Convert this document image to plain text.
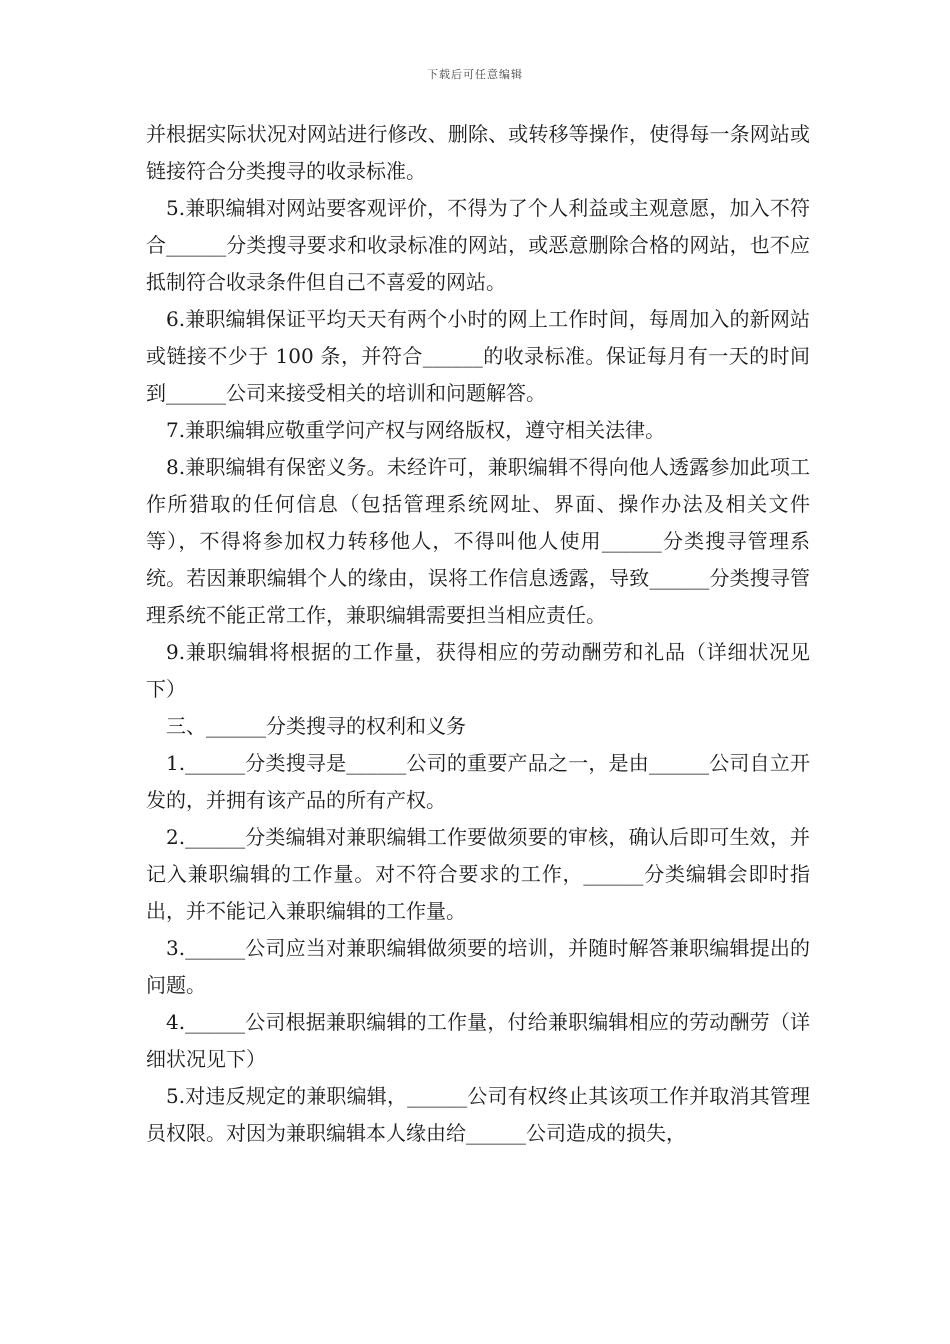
下载后可任意编辑

并根据实际状况对网站进行修改、删除、或转移等操作，使得每一条网站或链接符合分类搜寻的收录标准。

5.兼职编辑对网站要客观评价，不得为了个人利益或主观意愿，加入不符合______分类搜寻要求和收录标准的网站，或恶意删除合格的网站，也不应抵制符合收录条件但自己不喜爱的网站。

6.兼职编辑保证平均天天有两个小时的网上工作时间，每周加入的新网站或链接不少于 100 条，并符合______的收录标准。保证每月有一天的时间到______公司来接受相关的培训和问题解答。

7.兼职编辑应敬重学问产权与网络版权，遵守相关法律。

8.兼职编辑有保密义务。未经许可，兼职编辑不得向他人透露参加此项工作所猎取的任何信息（包括管理系统网址、界面、操作办法及相关文件等），不得将参加权力转移他人，不得叫他人使用______分类搜寻管理系统。若因兼职编辑个人的缘由，误将工作信息透露，导致______分类搜寻管理系统不能正常工作，兼职编辑需要担当相应责任。

9.兼职编辑将根据的工作量，获得相应的劳动酬劳和礼品（详细状况见下）

三、______分类搜寻的权利和义务

1.______分类搜寻是______公司的重要产品之一，是由______公司自立开发的，并拥有该产品的所有产权。

2.______分类编辑对兼职编辑工作要做须要的审核，确认后即可生效，并记入兼职编辑的工作量。对不符合要求的工作，______分类编辑会即时指出，并不能记入兼职编辑的工作量。

3.______公司应当对兼职编辑做须要的培训，并随时解答兼职编辑提出的问题。

4.______公司根据兼职编辑的工作量，付给兼职编辑相应的劳动酬劳（详细状况见下）

5.对违反规定的兼职编辑，______公司有权终止其该项工作并取消其管理员权限。对因为兼职编辑本人缘由给______公司造成的损失，
